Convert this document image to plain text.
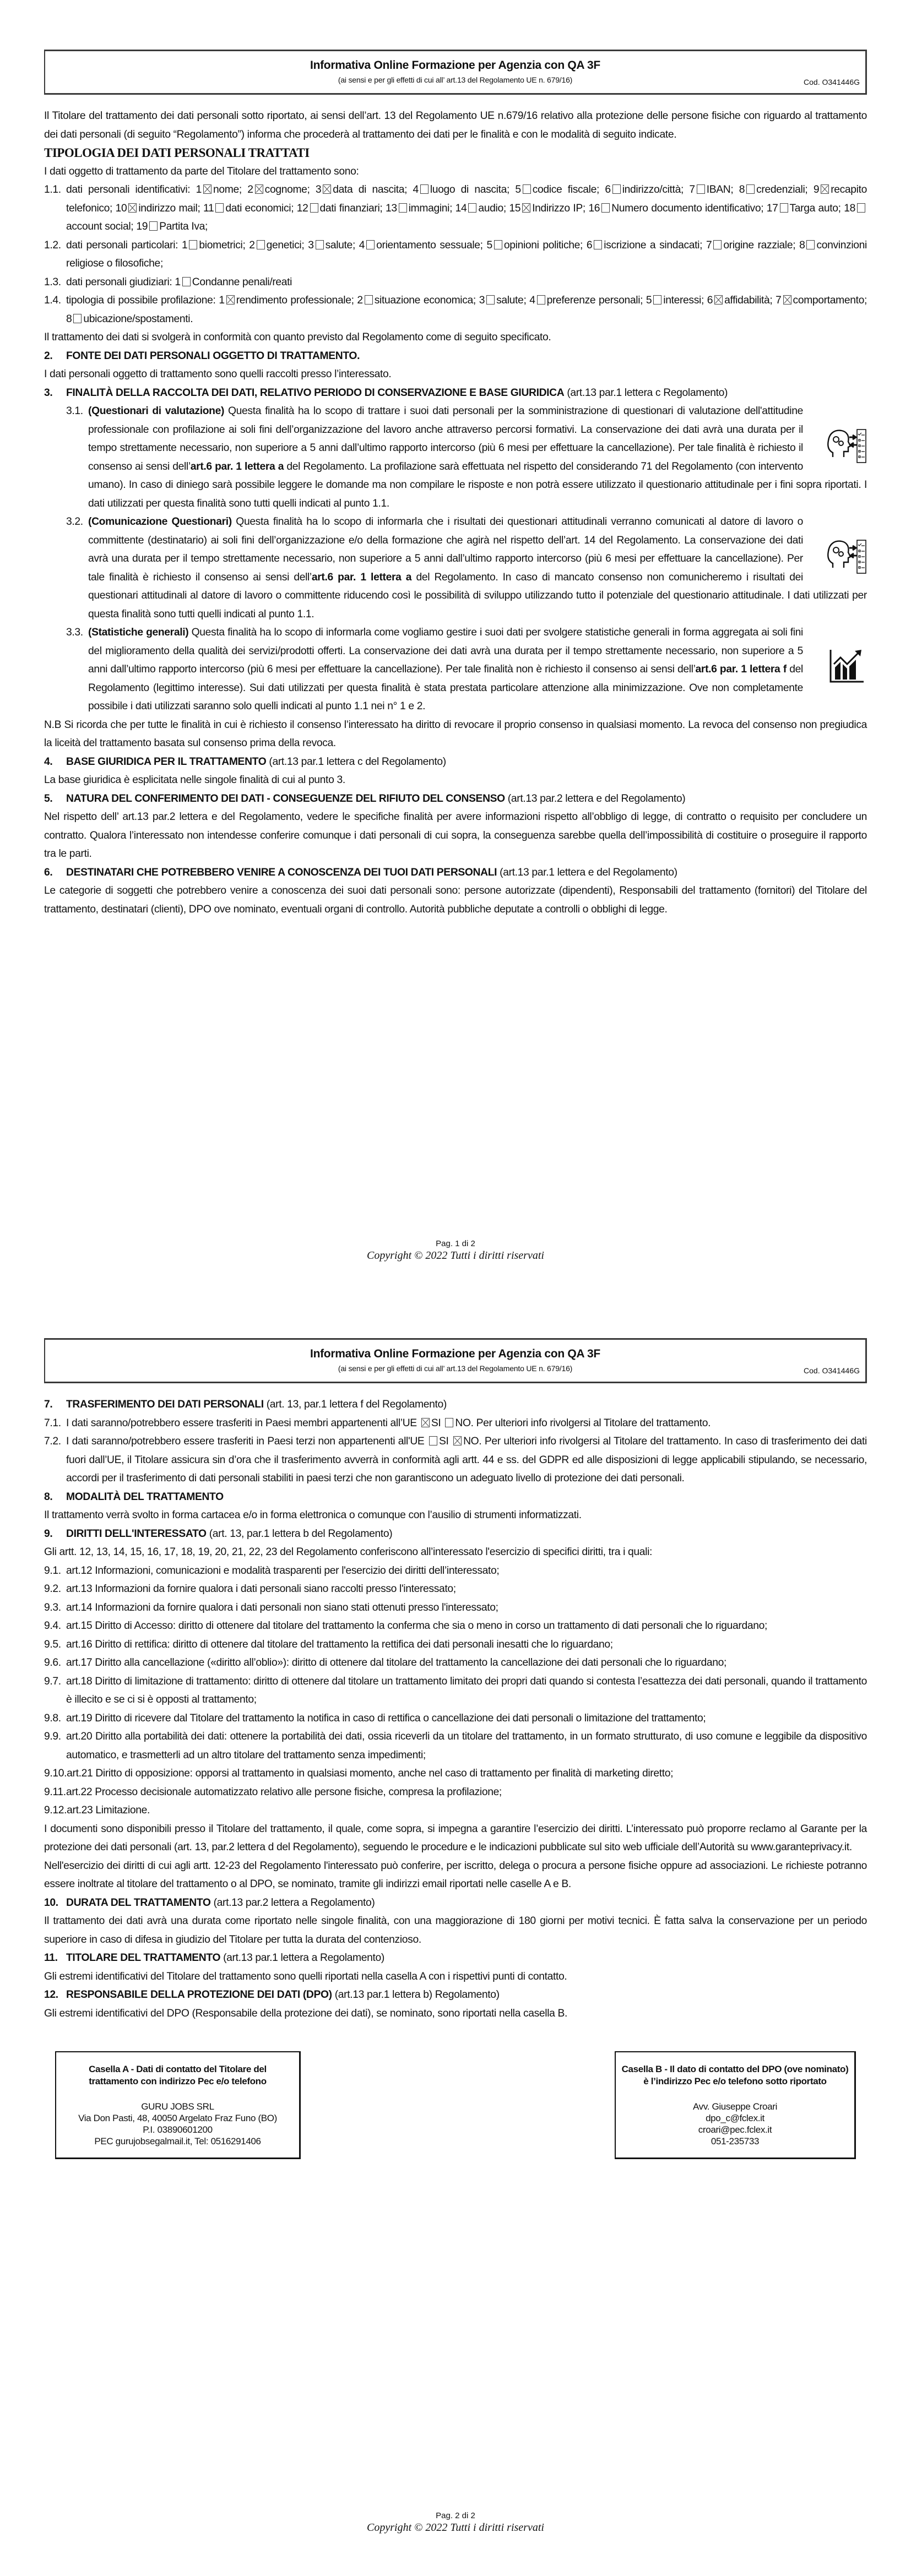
Informativa Online Formazione per Agenzia con QA 3F
(ai sensi e per gli effetti di cui all’ art.13 del Regolamento UE n. 679/16)	Cod. O341446G

Il Titolare del trattamento dei dati personali sotto riportato, ai sensi dell’art. 13 del Regolamento UE n.679/16 relativo alla protezione delle persone fisiche con riguardo al trattamento dei dati personali (di seguito “Regolamento”) informa che procederà al trattamento dei dati per le finalità e con le modalità di seguito indicate.

TIPOLOGIA DEI DATI PERSONALI TRATTATI

I dati oggetto di trattamento da parte del Titolare del trattamento sono:

1.1. dati personali identificativi: 1 nome; 2 cognome; 3 data di nascita; 4 luogo di nascita; 5 codice fiscale; 6 indirizzo/città; 7 IBAN; 8 credenziali; 9 recapito telefonico; 10 indirizzo mail; 11 dati economici; 12 dati finanziari; 13 immagini; 14 audio; 15 Indirizzo IP; 16 Numero documento identificativo; 17 Targa auto; 18account social; 19 Partita Iva;
1.2. dati personali particolari: 1 biometrici; 2 genetici; 3 salute; 4 orientamento sessuale; 5 opinioni politiche; 6 iscrizione a sindacati; 7 origine razziale; 8 convinzioni religiose o filosofiche;
1.3. dati personali giudiziari: 1 Condanne penali/reati
1.4. tipologia di possibile profilazione: 1 rendimento professionale; 2 situazione economica; 3 salute; 4 preferenze personali; 5 interessi; 6 affidabilità; 7 comportamento; 8 ubicazione/spostamenti.

Il trattamento dei dati si svolgerà in conformità con quanto previsto dal Regolamento come di seguito specificato.

2.	FONTE DEI DATI PERSONALI OGGETTO DI TRATTAMENTO.

I dati personali oggetto di trattamento sono quelli raccolti presso l’interessato.

3.	FINALITÀ DELLA RACCOLTA DEI DATI, RELATIVO PERIODO DI CONSERVAZIONE E BASE GIURIDICA (art.13 par.1 lettera c Regolamento)
3.1. (Questionari di valutazione) Questa finalità ha lo scopo di trattare i suoi dati personali per la somministrazione di questionari di valutazione dell'attitudine professionale con profilazione ai soli fini dell’organizzazione del lavoro anche attraverso percorsi formativi. La conservazione dei dati avrà una durata per il tempo strettamente necessario, non superiore a 5 anni dall’ultimo rapporto intercorso (più 6 mesi per effettuare la cancellazione). Per tale finalità è richiesto il consenso ai sensi dell’art.6 par. 1 lettera a del Regolamento. La profilazione sarà effettuata nel rispetto del considerando 71 del Regolamento (con intervento umano). In caso di diniego sarà possibile leggere le domande ma non compilare le risposte e non potrà essere utilizzato il questionario attitudinale per i fini sopra riportati. I dati utilizzati per questa finalità sono tutti quelli indicati al punto 1.1.
3.2. (Comunicazione Questionari) Questa finalità ha lo scopo di informarla che i risultati dei questionari attitudinali verranno comunicati al datore di lavoro o committente (destinatario) ai soli fini dell’organizzazione e/o della formazione che agirà nel rispetto dell’art. 14 del Regolamento. La conservazione dei dati avrà una durata per il tempo strettamente necessario, non superiore a 5 anni dall’ultimo rapporto intercorso (più 6 mesi per effettuare la cancellazione). Per tale finalità è richiesto il consenso ai sensi dell’art.6 par. 1 lettera a del Regolamento. In caso di mancato consenso non comunicheremo i risultati dei questionari attitudinali al datore di lavoro o committente riducendo così le possibilità di sviluppo utilizzando tutto il potenziale del questionario attitudinale. I dati utilizzati per questa finalità sono tutti quelli indicati al punto 1.1.
3.3. (Statistiche generali) Questa finalità ha lo scopo di informarla come vogliamo gestire i suoi dati per svolgere statistiche generali in forma aggregata ai soli fini del miglioramento della qualità dei servizi/prodotti offerti. La conservazione dei dati avrà una durata per il tempo strettamente necessario, non superiore a 5 anni dall’ultimo rapporto intercorso (più 6 mesi per effettuare la cancellazione). Per tale finalità non è richiesto il consenso ai sensi dell’art.6 par. 1 lettera f del Regolamento (legittimo interesse). Sui dati utilizzati per questa finalità è stata prestata particolare attenzione alla minimizzazione. Ove non completamente possibile i dati utilizzati saranno solo quelli indicati al punto 1.1 nei n° 1 e 2.

N.B Si ricorda che per tutte le finalità in cui è richiesto il consenso l’interessato ha diritto di revocare il proprio consenso in qualsiasi momento. La revoca del consenso non pregiudica la liceità del trattamento basata sul consenso prima della revoca.

4.	BASE GIURIDICA PER IL TRATTAMENTO (art.13 par.1 lettera c del Regolamento)

La base giuridica è esplicitata nelle singole finalità di cui al punto 3.

5.	NATURA DEL CONFERIMENTO DEI DATI - CONSEGUENZE DEL RIFIUTO DEL CONSENSO (art.13 par.2 lettera e del Regolamento)

Nel rispetto dell’ art.13 par.2 lettera e del Regolamento, vedere le specifiche finalità per avere informazioni rispetto all’obbligo di legge, di contratto o requisito per concludere un contratto. Qualora l’interessato non intendesse conferire comunque i dati personali di cui sopra, la conseguenza sarebbe quella dell’impossibilità di costituire o proseguire il rapporto tra le parti.

6.	DESTINATARI CHE POTREBBERO VENIRE A CONOSCENZA DEI TUOI DATI PERSONALI (art.13 par.1 lettera e del Regolamento)

Le categorie di soggetti che potrebbero venire a conoscenza dei suoi dati personali sono: persone autorizzate (dipendenti), Responsabili del trattamento (fornitori) del Titolare del trattamento, destinatari (clienti), DPO ove nominato, eventuali organi di controllo. Autorità pubbliche deputate a controlli o obblighi di legge.

Pag. 1 di 2
Copyright © 2022 Tutti i diritti riservati
Informativa Online Formazione per Agenzia con QA 3F
(ai sensi e per gli effetti di cui all’ art.13 del Regolamento UE n. 679/16)	Cod. O341446G
7.	TRASFERIMENTO DEI DATI PERSONALI (art. 13, par.1 lettera f del Regolamento)
7.1. I dati saranno/potrebbero essere trasferiti in Paesi membri appartenenti all’UE SI NO. Per ulteriori info rivolgersi al Titolare del trattamento.
7.2. I dati saranno/potrebbero essere trasferiti in Paesi terzi non appartenenti all'UE SI NO. Per ulteriori info rivolgersi al Titolare del trattamento. In caso di trasferimento dei dati fuori dall’UE, il Titolare assicura sin d’ora che il trasferimento avverrà in conformità agli artt. 44 e ss. del GDPR ed alle disposizioni di legge applicabili stipulando, se necessario, accordi per il trasferimento di dati personali stabiliti in paesi terzi che non garantiscono un adeguato livello di protezione dei dati personali.
8.	MODALITÀ DEL TRATTAMENTO

Il trattamento verrà svolto in forma cartacea e/o in forma elettronica o comunque con l’ausilio di strumenti informatizzati.

9.	DIRITTI DELL'INTERESSATO (art. 13, par.1 lettera b del Regolamento)

Gli artt. 12, 13, 14, 15, 16, 17, 18, 19, 20, 21, 22, 23 del Regolamento conferiscono all’interessato l'esercizio di specifici diritti, tra i quali:

9.1. art.12 Informazioni, comunicazioni e modalità trasparenti per l'esercizio dei diritti dell’interessato;
9.2. art.13 Informazioni da fornire qualora i dati personali siano raccolti presso l'interessato;
9.3. art.14 Informazioni da fornire qualora i dati personali non siano stati ottenuti presso l'interessato;
9.4. art.15 Diritto di Accesso: diritto di ottenere dal titolare del trattamento la conferma che sia o meno in corso un trattamento di dati personali che lo riguardano;
9.5. art.16 Diritto di rettifica: diritto di ottenere dal titolare del trattamento la rettifica dei dati personali inesatti che lo riguardano;
9.6. art.17 Diritto alla cancellazione («diritto all’oblio»): diritto di ottenere dal titolare del trattamento la cancellazione dei dati personali che lo riguardano;
9.7. art.18 Diritto di limitazione di trattamento: diritto di ottenere dal titolare un trattamento limitato dei propri dati quando si contesta l’esattezza dei dati personali, quando il trattamento è illecito e se ci si è opposti al trattamento;
9.8. art.19 Diritto di ricevere dal Titolare del trattamento la notifica in caso di rettifica o cancellazione dei dati personali o limitazione del trattamento;
9.9. art.20 Diritto alla portabilità dei dati: ottenere la portabilità dei dati, ossia riceverli da un titolare del trattamento, in un formato strutturato, di uso comune e leggibile da dispositivo automatico, e trasmetterli ad un altro titolare del trattamento senza impedimenti;
9.10. art.21 Diritto di opposizione: opporsi al trattamento in qualsiasi momento, anche nel caso di trattamento per finalità di marketing diretto;
9.11. art.22 Processo decisionale automatizzato relativo alle persone fisiche, compresa la profilazione;
9.12. art.23 Limitazione.

I documenti sono disponibili presso il Titolare del trattamento, il quale, come sopra, si impegna a garantire l’esercizio dei diritti. L’interessato può proporre reclamo al Garante per la protezione dei dati personali (art. 13, par.2 lettera d del Regolamento), seguendo le procedure e le indicazioni pubblicate sul sito web ufficiale dell’Autorità su www.garanteprivacy.it.

Nell'esercizio dei diritti di cui agli artt. 12-23 del Regolamento l'interessato può conferire, per iscritto, delega o procura a persone fisiche oppure ad associazioni. Le richieste potranno essere inoltrate al titolare del trattamento o al DPO, se nominato, tramite gli indirizzi email riportati nelle caselle A e B.

10. DURATA DEL TRATTAMENTO (art.13 par.2 lettera a Regolamento)

Il trattamento dei dati avrà una durata come riportato nelle singole finalità, con una maggiorazione di 180 giorni per motivi tecnici. È fatta salva la conservazione per un periodo superiore in caso di difesa in giudizio del Titolare per tutta la durata del contenzioso.

11. TITOLARE DEL TRATTAMENTO (art.13 par.1 lettera a Regolamento)

Gli estremi identificativi del Titolare del trattamento sono quelli riportati nella casella A con i rispettivi punti di contatto.

12. RESPONSABILE DELLA PROTEZIONE DEI DATI (DPO) (art.13 par.1 lettera b) Regolamento)

Gli estremi identificativi del DPO (Responsabile della protezione dei dati), se nominato, sono riportati nella casella B.

Casella A - Dati di contatto del Titolare del
trattamento con indirizzo Pec e/o telefono
GURU JOBS SRL
Via Don Pasti, 48, 40050 Argelato Fraz Funo (BO)
P.I. 03890601200
PEC gurujobsegalmail.it, Tel: 0516291406
Casella B - Il dato di contatto del DPO (ove nominato)
è l’indirizzo Pec e/o telefono sotto riportato
Avv. Giuseppe Croari
dpo_c@fclex.it
croari@pec.fclex.it
051-235733
Pag. 2 di 2
Copyright © 2022 Tutti i diritti riservati
